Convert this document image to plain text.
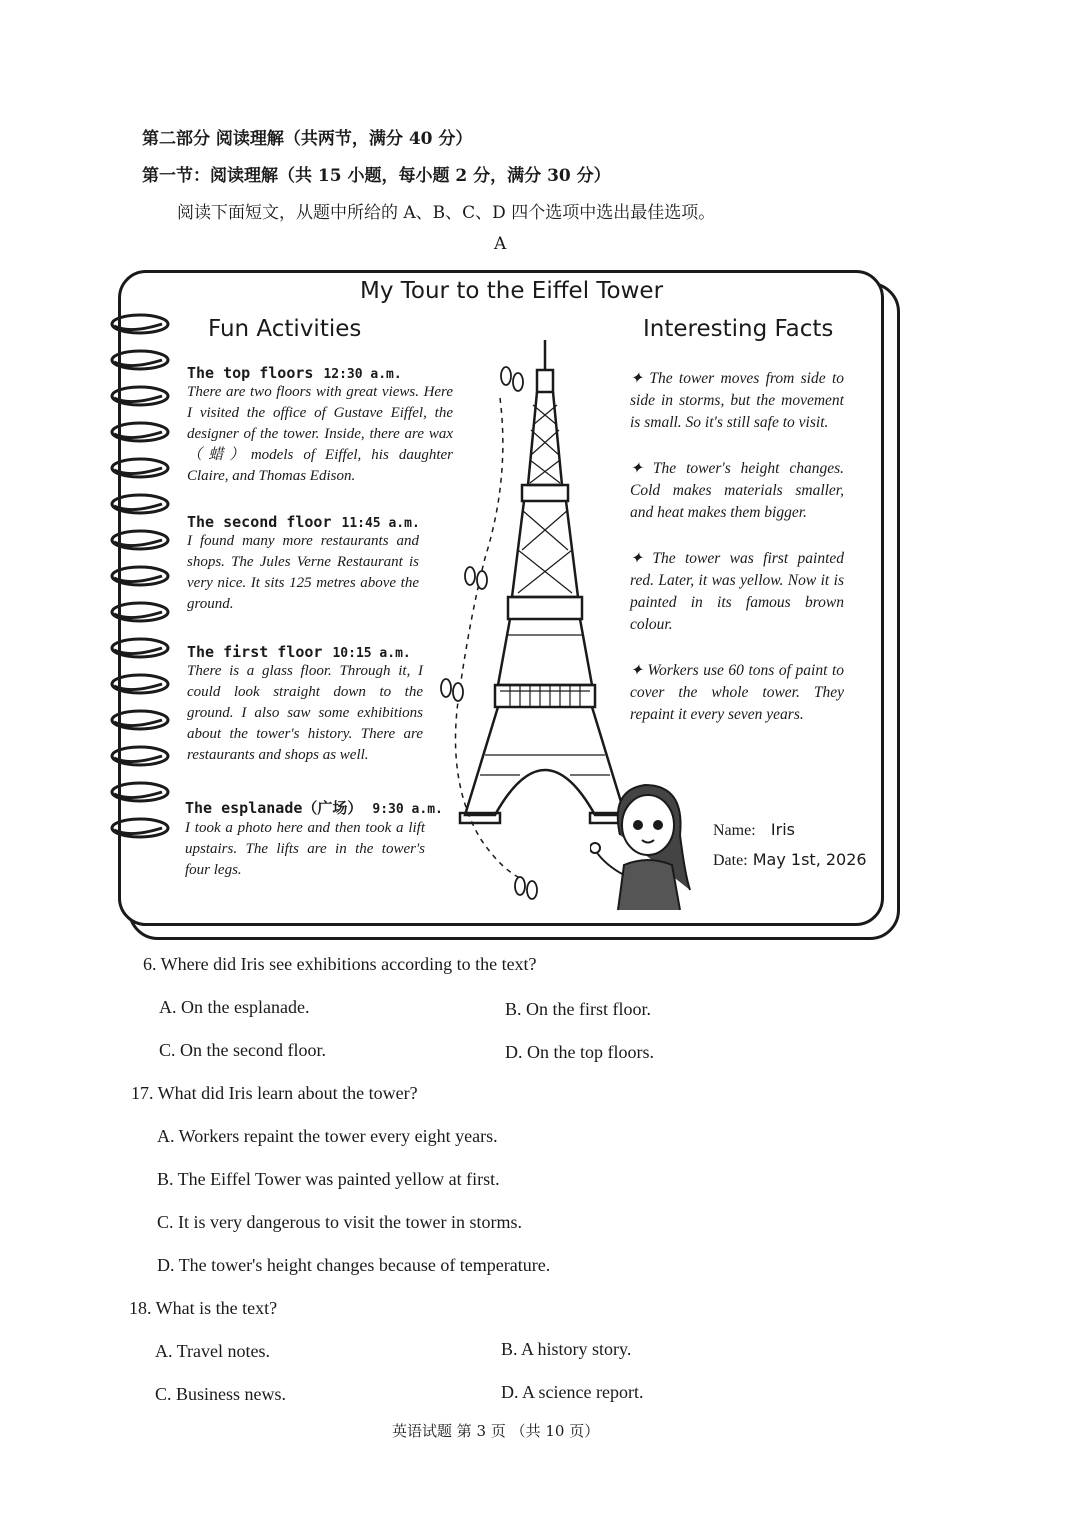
第二部分 阅读理解（共两节，满分 40 分）
第一节：阅读理解（共 15 小题，每小题 2 分，满分 30 分）
阅读下面短文，从题中所给的 A、B、C、D 四个选项中选出最佳选项。
A
My Tour to the Eiffel Tower
Fun Activities	Interesting Facts
The top floors 12:30 a.m.
There are two floors with great views. Here I visited the office of Gustave Eiffel, the designer of the tower. Inside, there are wax（蜡）models of Eiffel, his daughter Claire, and Thomas Edison.
The second floor 11:45 a.m.
I found many more restaurants and shops. The Jules Verne Restaurant is very nice. It sits 125 metres above the ground.
The first floor 10:15 a.m.
There is a glass floor. Through it, I could look straight down to the ground. I also saw some exhibitions about the tower's history. There are restaurants and shops as well.
The esplanade（广场） 9:30 a.m.
I took a photo here and then took a lift upstairs. The lifts are in the tower's four legs.
✦ The tower moves from side to side in storms, but the movement is small. So it's still safe to visit.
✦ The tower's height changes. Cold makes materials smaller, and heat makes them bigger.
✦ The tower was first painted red. Later, it was yellow. Now it is painted in its famous brown colour.
✦ Workers use 60 tons of paint to cover the whole tower. They repaint it every seven years.
Name: Iris
Date: May 1st, 2026
6. Where did Iris see exhibitions according to the text?
A. On the esplanade.	B. On the first floor.
C. On the second floor.	D. On the top floors.
17. What did Iris learn about the tower?
A. Workers repaint the tower every eight years.
B. The Eiffel Tower was painted yellow at first.
C. It is very dangerous to visit the tower in storms.
D. The tower's height changes because of temperature.
18. What is the text?
A. Travel notes.	B. A history story.
C. Business news.	D. A science report.
英语试题 第 3 页 （共 10 页）
